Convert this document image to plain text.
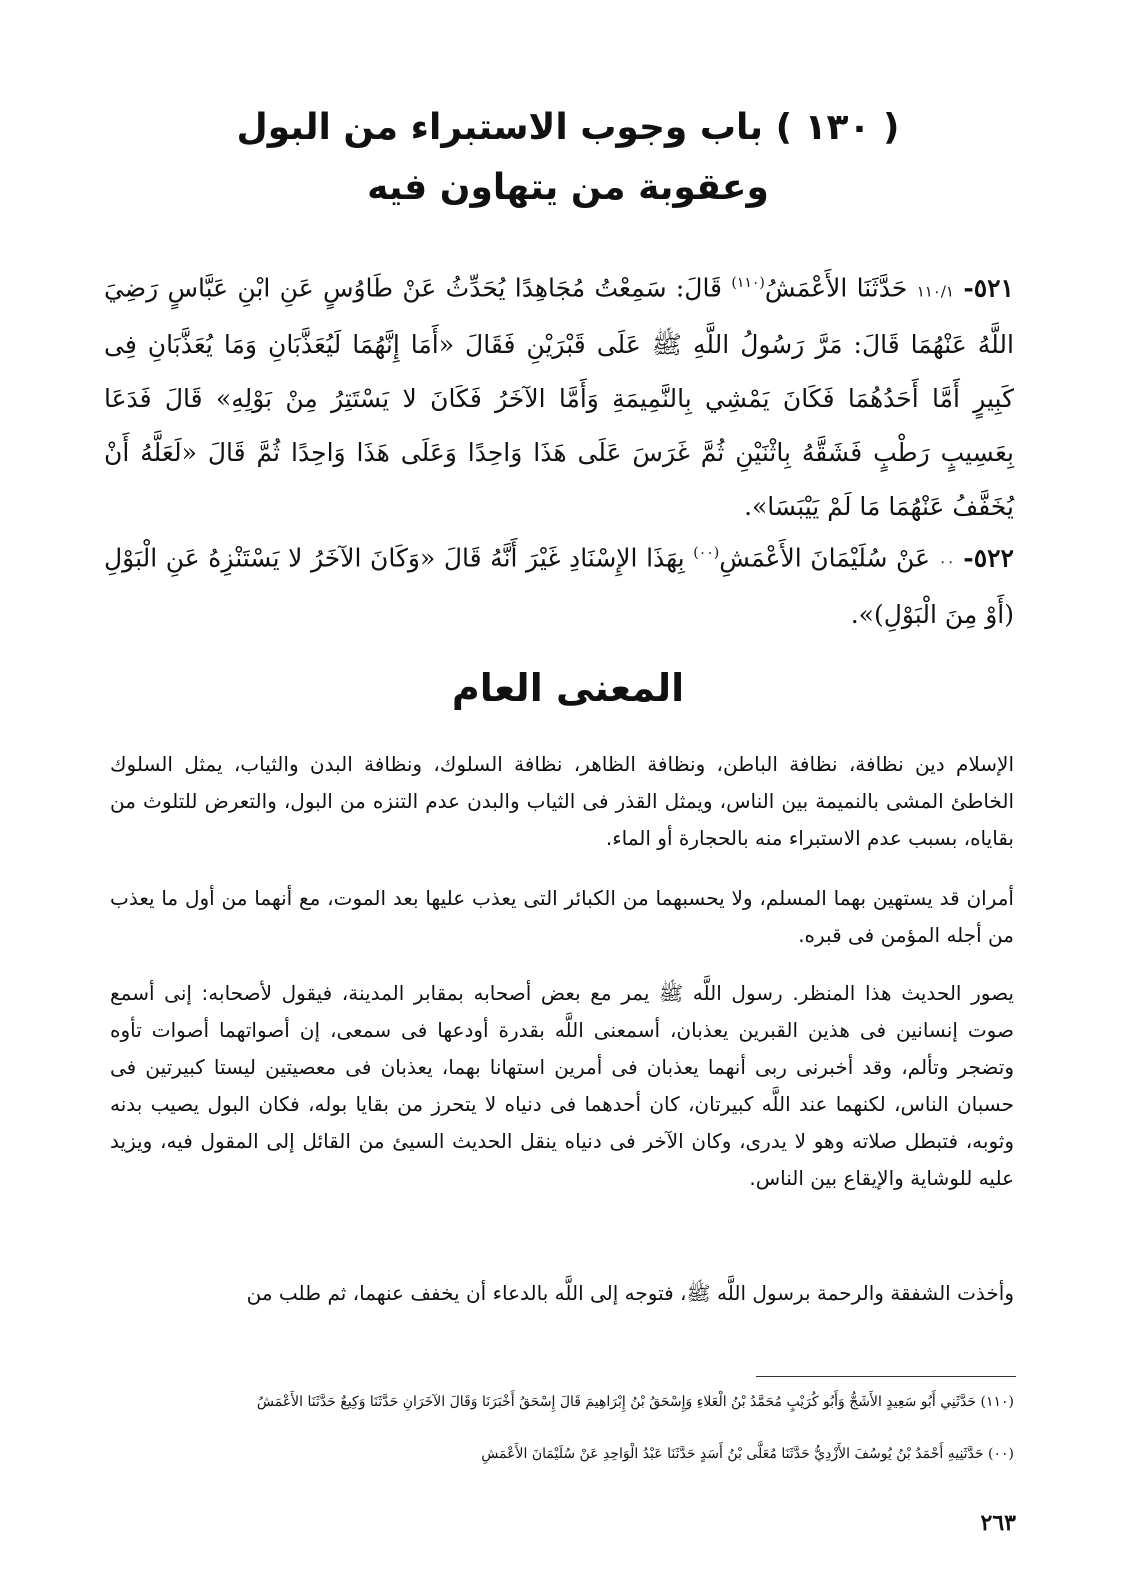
( ١٣٠ ) باب وجوب الاستبراء من البول
وعقوبة من يتهاون فيه

٥٢١- ١١٠/١ حَدَّثَنَا الأَعْمَشُ$^{(١١٠)}$ قَالَ: سَمِعْتُ مُجَاهِدًا يُحَدِّثُ عَنْ طَاوُسٍ عَنِ ابْنِ عَبَّاسٍ رَضِيَ اللَّهُ عَنْهُمَا قَالَ: مَرَّ رَسُولُ اللَّهِ ﷺ عَلَى قَبْرَيْنِ فَقَالَ «أَمَا إِنَّهُمَا لَيُعَذَّبَانِ وَمَا يُعَذَّبَانِ فِى كَبِيرٍ أَمَّا أَحَدُهُمَا فَكَانَ يَمْشِي بِالنَّمِيمَةِ وَأَمَّا الآخَرُ فَكَانَ لا يَسْتَتِرُ مِنْ بَوْلِهِ» قَالَ فَدَعَا بِعَسِيبٍ رَطْبٍ فَشَقَّهُ بِاثْنَيْنِ ثُمَّ غَرَسَ عَلَى هَذَا وَاحِدًا وَعَلَى هَذَا وَاحِدًا ثُمَّ قَالَ «لَعَلَّهُ أَنْ يُخَفَّفُ عَنْهُمَا مَا لَمْ يَيْبَسَا».

٥٢٢- ٠٠ عَنْ سُلَيْمَانَ الأَعْمَشِ$^{(٠٠)}$ بِهَذَا الإِسْنَادِ غَيْرَ أَنَّهُ قَالَ «وَكَانَ الآخَرُ لا يَسْتَنْزِهُ عَنِ الْبَوْلِ (أَوْ مِنَ الْبَوْلِ)».

المعنى العام

الإسلام دين نظافة، نظافة الباطن، ونظافة الظاهر، نظافة السلوك، ونظافة البدن والثياب، يمثل السلوك الخاطئ المشى بالنميمة بين الناس، ويمثل القذر فى الثياب والبدن عدم التنزه من البول، والتعرض للتلوث من بقاياه، بسبب عدم الاستبراء منه بالحجارة أو الماء.

أمران قد يستهين بهما المسلم، ولا يحسبهما من الكبائر التى يعذب عليها بعد الموت، مع أنهما من أول ما يعذب من أجله المؤمن فى قبره.

يصور الحديث هذا المنظر. رسول اللَّه ﷺ يمر مع بعض أصحابه بمقابر المدينة، فيقول لأصحابه: إنى أسمع صوت إنسانين فى هذين القبرين يعذبان، أسمعنى اللَّه بقدرة أودعها فى سمعى، إن أصواتهما أصوات تأوه وتضجر وتألم، وقد أخبرنى ربى أنهما يعذبان فى أمرين استهانا بهما، يعذبان فى معصيتين ليستا كبيرتين فى حسبان الناس، لكنهما عند اللَّه كبيرتان، كان أحدهما فى دنياه لا يتحرز من بقايا بوله، فكان البول يصيب بدنه وثوبه، فتبطل صلاته وهو لا يدرى، وكان الآخر فى دنياه ينقل الحديث السيئ من القائل إلى المقول فيه، ويزيد عليه للوشاية والإيقاع بين الناس.

وأخذت الشفقة والرحمة برسول اللَّه ﷺ، فتوجه إلى اللَّه بالدعاء أن يخفف عنهما، ثم طلب من

(١١٠) حَدَّثَنِي أَبُو سَعِيدٍ الأَشَجُّ وَأَبُو كُرَيْبٍ مُحَمَّدُ بْنُ الْعَلاءِ وَإِسْحَقُ بْنُ إِبْرَاهِيمَ قَالَ إِسْحَقُ أَخْبَرَنَا وَقَالَ الآخَرَانِ حَدَّثَنَا وَكِيعٌ حَدَّثَنَا الأَعْمَشُ

(٠٠) حَدَّثَنِيهِ أَحْمَدُ بْنُ يُوسُفَ الأَزْدِيُّ حَدَّثَنَا مُعَلَّى بْنُ أَسَدٍ حَدَّثَنَا عَبْدُ الْوَاحِدِ عَنْ سُلَيْمَانَ الأَعْمَشِ

٢٦٣
